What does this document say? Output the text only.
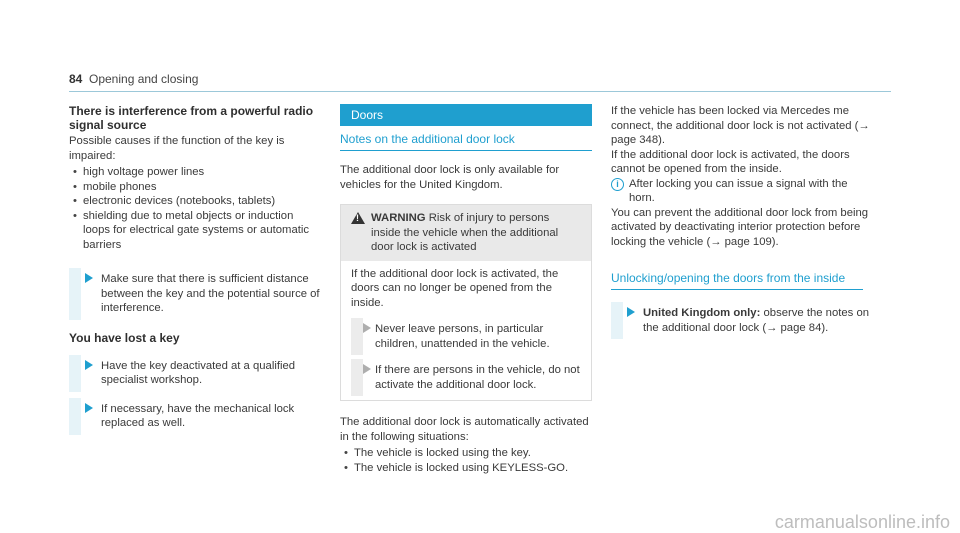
84 Opening and closing
There is interference from a powerful radio signal source

Possible causes if the function of the key is impaired:

• high voltage power lines
• mobile phones
• electronic devices (notebooks, tablets)
• shielding due to metal objects or induction loops for electrical gate systems or automatic barriers
Make sure that there is sufficient distance between the key and the potential source of interference.
You have lost a key
Have the key deactivated at a qualified specialist workshop.
If necessary, have the mechanical lock replaced as well.
Doors
Notes on the additional door lock

The additional door lock is only available for vehicles for the United Kingdom.

!
WARNING Risk of injury to persons inside the vehicle when the additional door lock is activated

If the additional door lock is activated, the doors can no longer be opened from the inside.

Never leave persons, in particular children, unattended in the vehicle.
If there are persons in the vehicle, do not activate the additional door lock.

The additional door lock is automatically activated in the following situations:

• The vehicle is locked using the key.
• The vehicle is locked using KEYLESS-GO.

If the vehicle has been locked via Mercedes me connect, the additional door lock is not activated (→ page 348).

If the additional door lock is activated, the doors cannot be opened from the inside.

i After locking you can issue a signal with the horn.

You can prevent the additional door lock from being activated by deactivating interior protection before locking the vehicle (→ page 109).

Unlocking/opening the doors from the inside
United Kingdom only: observe the notes on the additional door lock (→ page 84).
carmanualsonline.info
